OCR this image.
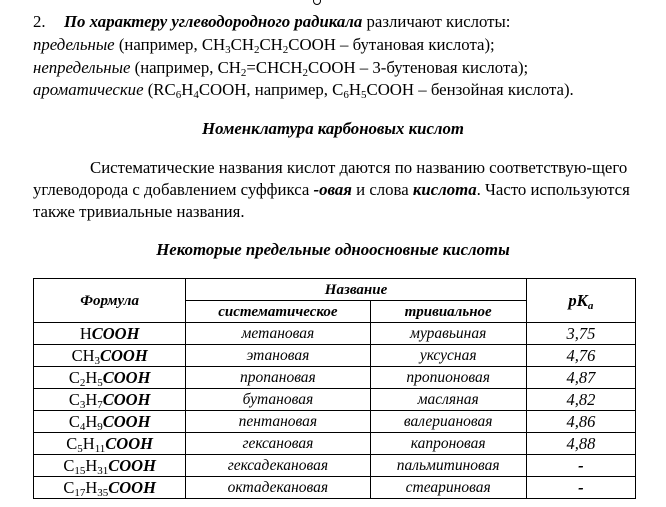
2. По характеру углеводородного радикала различают кислоты:
предельные (например, $CH_3CH_2CH_2COOH$ – бутановая кислота);
непредельные (например, $CH_2=CHCH_2COOH$ – 3-бутеновая кислота);
ароматические ($RC_6H_4COOH$, например, $C_6H_5COOH$ – бензойная кислота).
Номенклатура карбоновых кислот
Систематические названия кислот даются по названию соответствую-щего углеводорода с добавлением суффикса -овая и слова кислота. Часто используются также тривиальные названия.
Некоторые предельные одноосновные кислоты
Формула	Название		$рК_а$
	систематическое	тривиальное	
HCOOH	метановая	муравьиная	3,75
$CH_3COOH$	этановая	уксусная	4,76
$C_2H_5COOH$	пропановая	пропионовая	4,87
$C_3H_7COOH$	бутановая	масляная	4,82
$C_4H_9COOH$	пентановая	валериановая	4,86
$C_5H_{11}COOH$	гексановая	капроновая	4,88
$C_{15}H_{31}COOH$	гексадекановая	пальмитиновая	-
$C_{17}H_{35}COOH$	октадекановая	стеариновая	-
